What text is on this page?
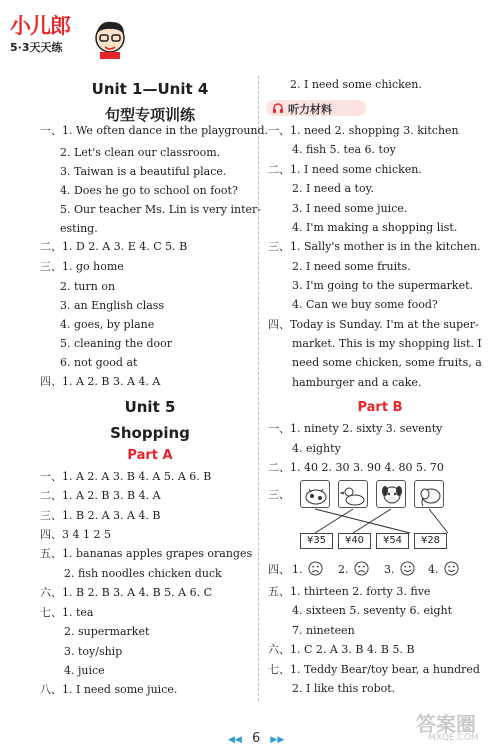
小儿郎
5·3天天练
Unit 1—Unit 4
句型专项训练
一、1. We often dance in the playground.
2. Let's clean our classroom.
3. Taiwan is a beautiful place.
4. Does he go to school on foot?
5. Our teacher Ms. Lin is very inter-
esting.
二、1. D 2. A 3. E 4. C 5. B
三、1. go home
2. turn on
3. an English class
4. goes, by plane
5. cleaning the door
6. not good at
四、1. A 2. B 3. A 4. A
Unit 5
Shopping
Part A
一、1. A 2. A 3. B 4. A 5. A 6. B
二、1. A 2. B 3. B 4. A
三、1. B 2. A 3. A 4. B
四、3 4 1 2 5
五、1. bananas apples grapes oranges
2. fish noodles chicken duck
六、1. B 2. B 3. A 4. B 5. A 6. C
七、1. tea
2. supermarket
3. toy/ship
4. juice
八、1. I need some juice.
2. I need some chicken.
听力材料
一、1. need 2. shopping 3. kitchen
4. fish 5. tea 6. toy
二、1. I need some chicken.
2. I need a toy.
3. I need some juice.
4. I'm making a shopping list.
三、1. Sally's mother is in the kitchen.
2. I need some fruits.
3. I'm going to the supermarket.
4. Can we buy some food?
四、Today is Sunday. I'm at the super-
market. This is my shopping list. I
need some chicken, some fruits, a
hamburger and a cake.
Part B
一、1. ninety 2. sixty 3. seventy
4. eighty
二、1. 40 2. 30 3. 90 4. 80 5. 70
三、
¥35	¥40	¥54	¥28
四、 1.	2.	3.	4.
五、1. thirteen 2. forty 3. five
4. sixteen 5. seventy 6. eight
7. nineteen
六、1. C 2. A 3. B 4. B 5. B
七、1. Teddy Bear/toy bear, a hundred
2. I like this robot.
◀◀ 6 ▶▶
答案圈
MXQE.COM
